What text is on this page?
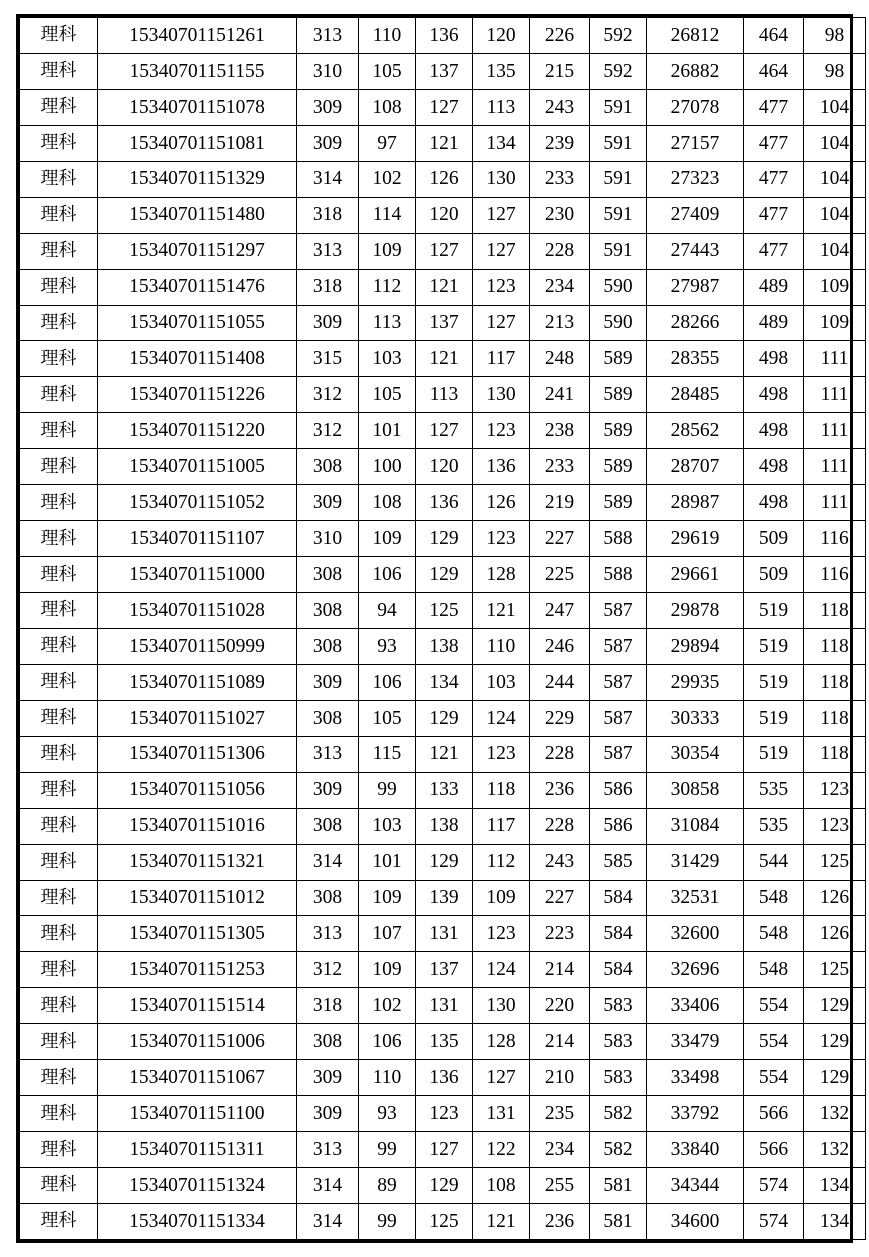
理科	15340701151261	313	110	136	120	226	592	26812	464	98
理科	15340701151155	310	105	137	135	215	592	26882	464	98
理科	15340701151078	309	108	127	113	243	591	27078	477	104
理科	15340701151081	309	97	121	134	239	591	27157	477	104
理科	15340701151329	314	102	126	130	233	591	27323	477	104
理科	15340701151480	318	114	120	127	230	591	27409	477	104
理科	15340701151297	313	109	127	127	228	591	27443	477	104
理科	15340701151476	318	112	121	123	234	590	27987	489	109
理科	15340701151055	309	113	137	127	213	590	28266	489	109
理科	15340701151408	315	103	121	117	248	589	28355	498	111
理科	15340701151226	312	105	113	130	241	589	28485	498	111
理科	15340701151220	312	101	127	123	238	589	28562	498	111
理科	15340701151005	308	100	120	136	233	589	28707	498	111
理科	15340701151052	309	108	136	126	219	589	28987	498	111
理科	15340701151107	310	109	129	123	227	588	29619	509	116
理科	15340701151000	308	106	129	128	225	588	29661	509	116
理科	15340701151028	308	94	125	121	247	587	29878	519	118
理科	15340701150999	308	93	138	110	246	587	29894	519	118
理科	15340701151089	309	106	134	103	244	587	29935	519	118
理科	15340701151027	308	105	129	124	229	587	30333	519	118
理科	15340701151306	313	115	121	123	228	587	30354	519	118
理科	15340701151056	309	99	133	118	236	586	30858	535	123
理科	15340701151016	308	103	138	117	228	586	31084	535	123
理科	15340701151321	314	101	129	112	243	585	31429	544	125
理科	15340701151012	308	109	139	109	227	584	32531	548	126
理科	15340701151305	313	107	131	123	223	584	32600	548	126
理科	15340701151253	312	109	137	124	214	584	32696	548	125
理科	15340701151514	318	102	131	130	220	583	33406	554	129
理科	15340701151006	308	106	135	128	214	583	33479	554	129
理科	15340701151067	309	110	136	127	210	583	33498	554	129
理科	15340701151100	309	93	123	131	235	582	33792	566	132
理科	15340701151311	313	99	127	122	234	582	33840	566	132
理科	15340701151324	314	89	129	108	255	581	34344	574	134
理科	15340701151334	314	99	125	121	236	581	34600	574	134
